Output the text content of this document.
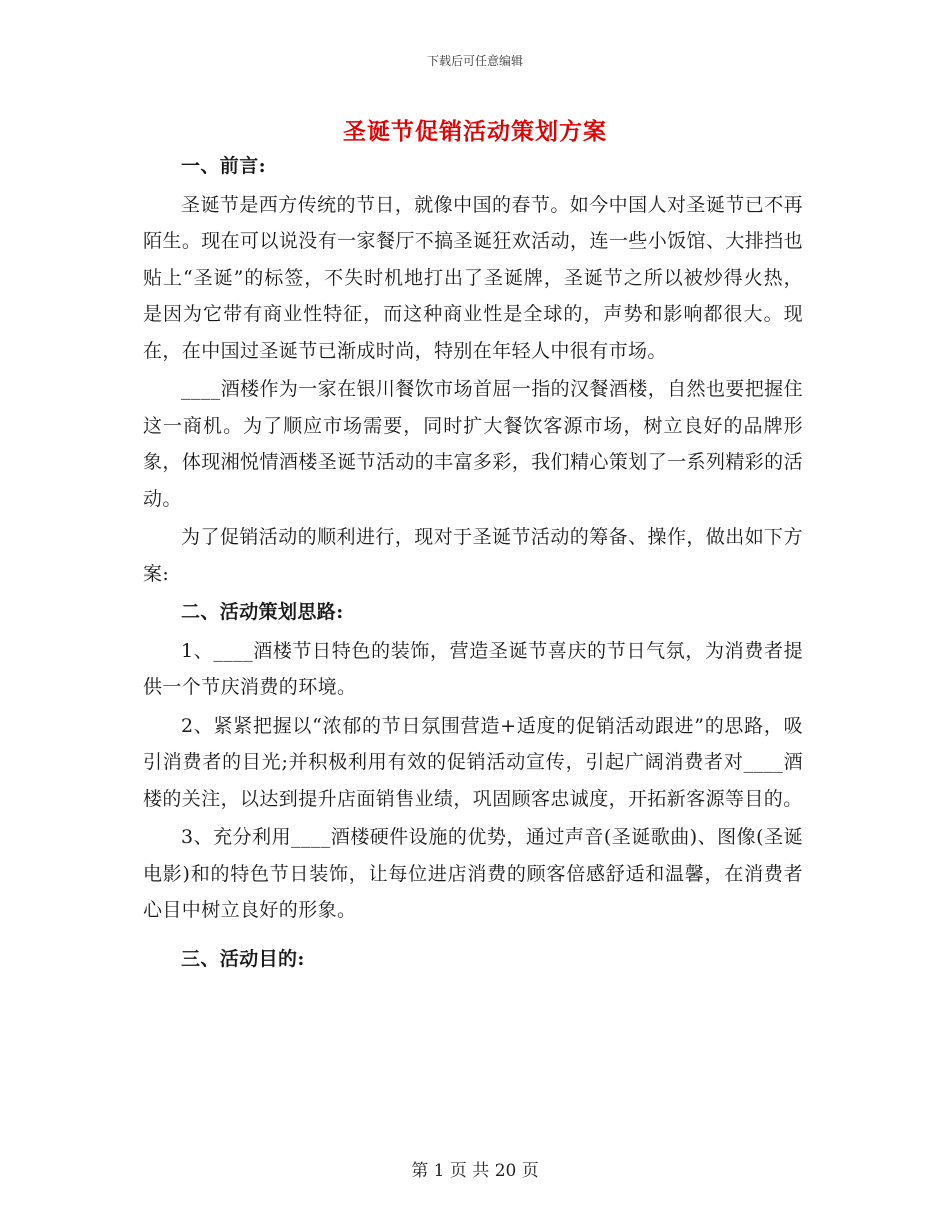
下载后可任意编辑
圣诞节促销活动策划方案
一、前言:

圣诞节是西方传统的节日，就像中国的春节。如今中国人对圣诞节已不再陌生。现在可以说没有一家餐厅不搞圣诞狂欢活动，连一些小饭馆、大排挡也贴上“圣诞”的标签，不失时机地打出了圣诞牌，圣诞节之所以被炒得火热，是因为它带有商业性特征，而这种商业性是全球的，声势和影响都很大。现在，在中国过圣诞节已渐成时尚，特别在年轻人中很有市场。

____酒楼作为一家在银川餐饮市场首屈一指的汉餐酒楼，自然也要把握住这一商机。为了顺应市场需要，同时扩大餐饮客源市场，树立良好的品牌形象，体现湘悦情酒楼圣诞节活动的丰富多彩，我们精心策划了一系列精彩的活动。

为了促销活动的顺利进行，现对于圣诞节活动的筹备、操作，做出如下方案:

二、活动策划思路:

1、____酒楼节日特色的装饰，营造圣诞节喜庆的节日气氛，为消费者提供一个节庆消费的环境。

2、紧紧把握以“浓郁的节日氛围营造+适度的促销活动跟进”的思路，吸引消费者的目光;并积极利用有效的促销活动宣传，引起广阔消费者对____酒楼的关注，以达到提升店面销售业绩，巩固顾客忠诚度，开拓新客源等目的。

3、充分利用____酒楼硬件设施的优势，通过声音(圣诞歌曲)、图像(圣诞电影)和的特色节日装饰，让每位进店消费的顾客倍感舒适和温馨，在消费者心目中树立良好的形象。

三、活动目的:
第 1 页 共 20 页
